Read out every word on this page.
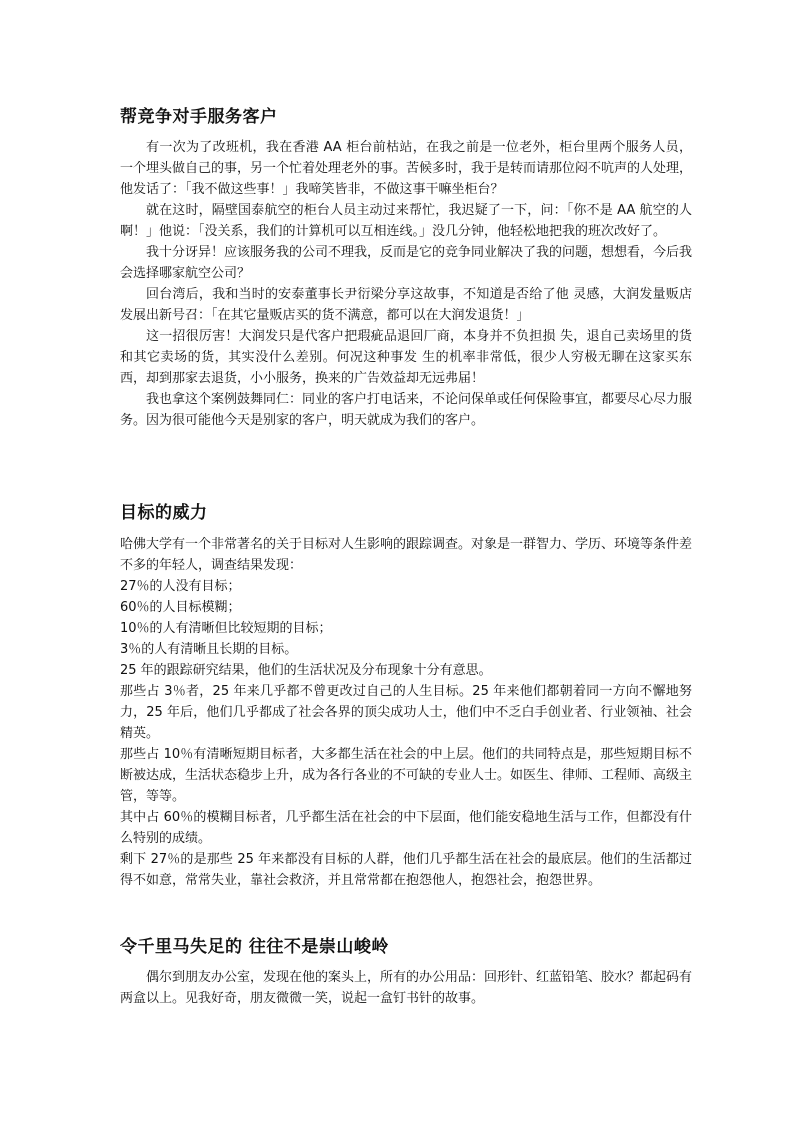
帮竞争对手服务客户

有一次为了改班机，我在香港 AA 柜台前枯站，在我之前是一位老外，柜台里两个服务人员，一个埋头做自己的事，另一个忙着处理老外的事。苦候多时，我于是转而请那位闷不吭声的人处理，他发话了：「我不做这些事！」我啼笑皆非，不做这事干嘛坐柜台？

就在这时，隔壁国泰航空的柜台人员主动过来帮忙，我迟疑了一下，问：「你不是 AA 航空的人啊！」他说：「没关系，我们的计算机可以互相连线。」没几分钟，他轻松地把我的班次改好了。

我十分讶异！应该服务我的公司不理我，反而是它的竞争同业解决了我的问题，想想看，今后我会选择哪家航空公司？

回台湾后，我和当时的安泰董事长尹衍梁分享这故事，不知道是否给了他 灵感，大润发量贩店发展出新号召：「在其它量贩店买的货不满意，都可以在大润发退货！」

这一招很厉害！大润发只是代客户把瑕疵品退回厂商，本身并不负担损 失，退自己卖场里的货和其它卖场的货，其实没什么差别。何况这种事发 生的机率非常低，很少人穷极无聊在这家买东西，却到那家去退货，小小服务，换来的广告效益却无远弗届！

我也拿这个案例鼓舞同仁：同业的客户打电话来，不论问保单或任何保险事宜，都要尽心尽力服务。因为很可能他今天是别家的客户，明天就成为我们的客户。

目标的威力

哈佛大学有一个非常著名的关于目标对人生影响的跟踪调查。对象是一群智力、学历、环境等条件差不多的年轻人，调查结果发现：

27％的人没有目标；

60％的人目标模糊；

10％的人有清晰但比较短期的目标；

3％的人有清晰且长期的目标。

25 年的跟踪研究结果，他们的生活状况及分布现象十分有意思。

那些占 3％者，25 年来几乎都不曾更改过自己的人生目标。25 年来他们都朝着同一方向不懈地努力，25 年后，他们几乎都成了社会各界的顶尖成功人士，他们中不乏白手创业者、行业领袖、社会精英。

那些占 10％有清晰短期目标者，大多都生活在社会的中上层。他们的共同特点是，那些短期目标不断被达成，生活状态稳步上升，成为各行各业的不可缺的专业人士。如医生、律师、工程师、高级主管，等等。

其中占 60％的模糊目标者，几乎都生活在社会的中下层面，他们能安稳地生活与工作，但都没有什么特别的成绩。

剩下 27％的是那些 25 年来都没有目标的人群，他们几乎都生活在社会的最底层。他们的生活都过得不如意，常常失业，靠社会救济，并且常常都在抱怨他人，抱怨社会，抱怨世界。

令千里马失足的 往往不是崇山峻岭

偶尔到朋友办公室，发现在他的案头上，所有的办公用品：回形针、红蓝铅笔、胶水？都起码有两盒以上。见我好奇，朋友微微一笑，说起一盒钉书针的故事。
